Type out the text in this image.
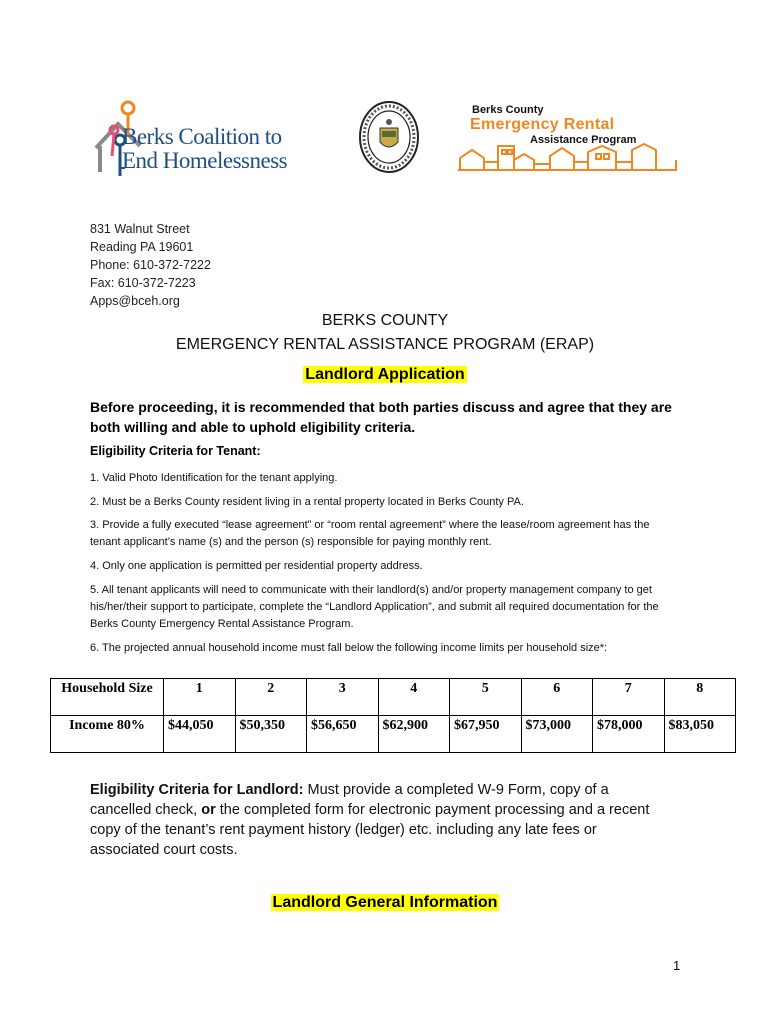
Berks Coalition to
End Homelessness
Berks County
Emergency Rental
Assistance Program
831 Walnut Street
Reading PA 19601
Phone: 610-372-7222
Fax: 610-372-7223
Apps@bceh.org
BERKS COUNTY
EMERGENCY RENTAL ASSISTANCE PROGRAM (ERAP)
Landlord Application
Before proceeding, it is recommended that both parties discuss and agree that they are both willing and able to uphold eligibility criteria.
Eligibility Criteria for Tenant:
1. Valid Photo Identification for the tenant applying.
2. Must be a Berks County resident living in a rental property located in Berks County PA.
3. Provide a fully executed “lease agreement” or “room rental agreement” where the lease/room agreement has the tenant applicant’s name (s) and the person (s) responsible for paying monthly rent.
4. Only one application is permitted per residential property address.
5. All tenant applicants will need to communicate with their landlord(s) and/or property management company to get his/her/their support to participate, complete the “Landlord Application”, and submit all required documentation for the Berks County Emergency Rental Assistance Program.
6. The projected annual household income must fall below the following income limits per household size*:
Household Size	1	2	3	4	5	6	7	8
Income 80%	$44,050	$50,350	$56,650	$62,900	$67,950	$73,000	$78,000	$83,050
Eligibility Criteria for Landlord: Must provide a completed W-9 Form, copy of a cancelled check, or the completed form for electronic payment processing and a recent copy of the tenant’s rent payment history (ledger) etc. including any late fees or associated court costs.
Landlord General Information
1
